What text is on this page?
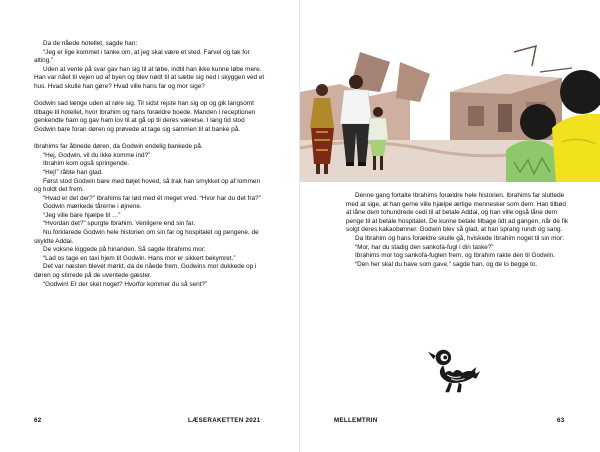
Da de nåede hotellet, sagde han:

“Jeg er lige kommet i tanke om, at jeg skal være et sted. Farvel og tak for alting.”

Uden at vente på svar gav han sig til at løbe, indtil han ikke kunne løbe mere. Han var nået til vejen ud af byen og blev nødt til at sætte sig ned i skyggen ved et hus. Hvad skulle han gøre? Hvad ville hans far og mor sige?

Godwin sad længe uden at røre sig. Til sidst rejste han sig op og gik langsomt tilbage til hotellet, hvor Ibrahim og hans forældre boede. Manden i receptionen genkendte ham og gav ham lov til at gå op til deres værelse. I lang tid stod Godwin bare foran døren og prøvede at tage sig sammen til at banke på.

Ibrahims far åbnede døren, da Godwin endelig bankede på.

“Hej, Godwin, vil du ikke komme ind?”

Ibrahim kom også springende.

“Hej!” råbte han glad.

Først stod Godwin bare med bøjet hoved, så trak han smykket op af lommen og holdt det frem.

“Hvad er det der?” Ibrahims far lød med ét meget vred. “Hvor har du det fra?”

Godwin mærkede tårerne i øjnene.

“Jeg ville bare hjælpe til …”

“Hvordan det?” spurgte Ibrahim. Venligere end sin far.

Nu forklarede Godwin hele historien om sin far og hospitalet og pengene, de skyldte Addai.

De voksne kiggede på hinanden. Så sagde Ibrahims mor:

“Lad os tage en taxi hjem til Godwin. Hans mor er sikkert bekymret.”

Det var næsten blevet mørkt, da de nåede frem. Godwins mor dukkede op i døren og stirrede på de uventede gæster.

“Godwin! Er der sket noget? Hvorfor kommer du så sent?”

62	LÆSERAKETTEN 2021

Denne gang fortalte Ibrahims forældre hele historien. Ibrahims far sluttede med at sige, at han gerne ville hjælpe ærlige mennesker som dem. Han tilbød at låne dem tohundrede cedi til at betale Addai, og han ville også låne dem penge til at betale hospitalet. De kunne betale tilbage lidt ad gangen, når de fik solgt deres kakaobønner. Godwin blev så glad, at han sprang rundt og sang.

Da Ibrahim og hans forældre skulle gå, hviskede Ibrahim noget til sin mor:

“Mor, har du stadig den sankofa-fugl i din taske?”

Ibrahims mor tog sankofa-fuglen frem, og Ibrahim rakte den til Godwin.

“Den her skal du have som gave,” sagde han, og de lo begge to.

MELLEMTRIN	63
